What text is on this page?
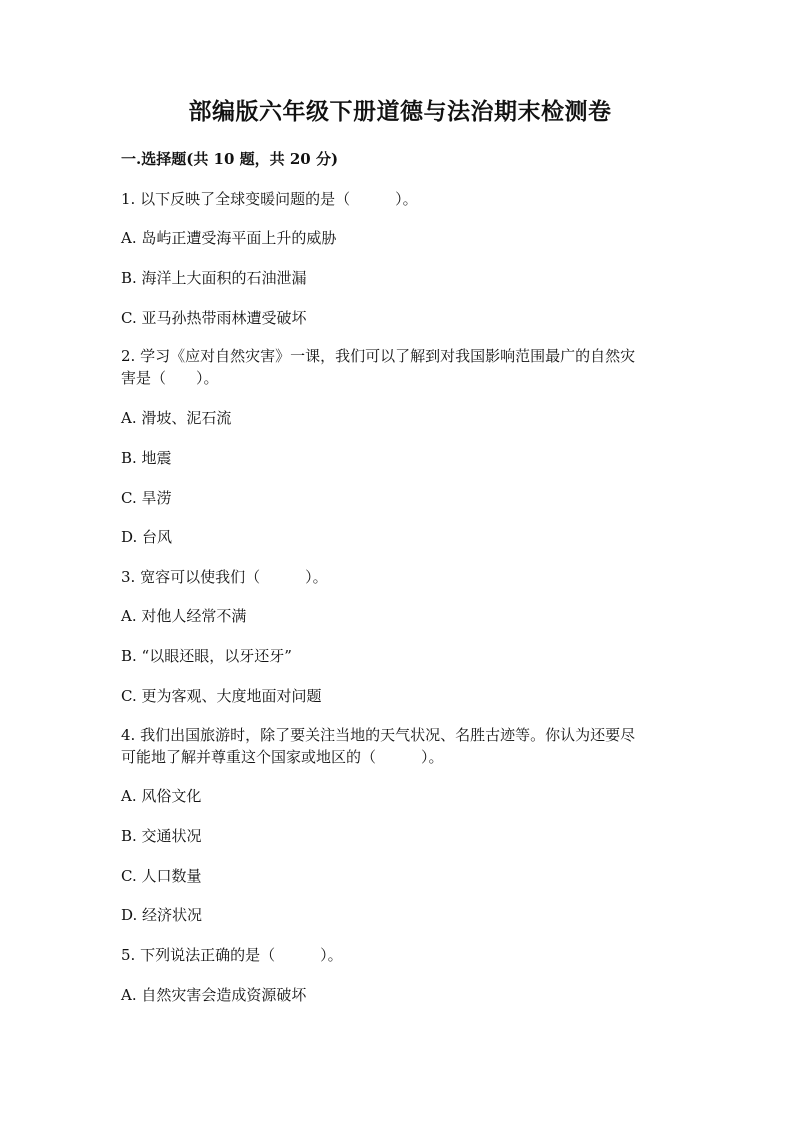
部编版六年级下册道德与法治期末检测卷
一.选择题(共 10 题，共 20 分)
1. 以下反映了全球变暖问题的是（　　　）。
A. 岛屿正遭受海平面上升的威胁
B. 海洋上大面积的石油泄漏
C. 亚马孙热带雨林遭受破坏
2. 学习《应对自然灾害》一课，我们可以了解到对我国影响范围最广的自然灾
害是（　　）。
A. 滑坡、泥石流
B. 地震
C. 旱涝
D. 台风
3. 宽容可以使我们（　　　）。
A. 对他人经常不满
B. “以眼还眼，以牙还牙”
C. 更为客观、大度地面对问题
4. 我们出国旅游时，除了要关注当地的天气状况、名胜古迹等。你认为还要尽
可能地了解并尊重这个国家或地区的（　　　）。
A. 风俗文化
B. 交通状况
C. 人口数量
D. 经济状况
5. 下列说法正确的是（　　　）。
A. 自然灾害会造成资源破坏
